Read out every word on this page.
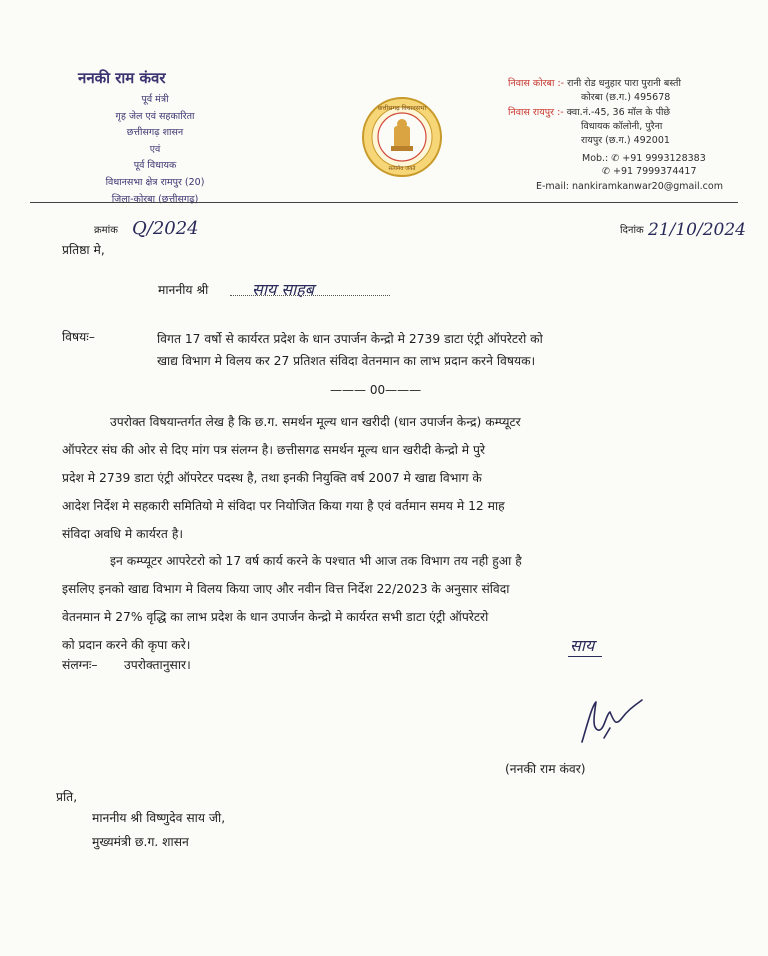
ननकी राम कंवर
पूर्व मंत्री
गृह जेल एवं सहकारिता
छत्तीसगढ़ शासन
एवं
पूर्व विधायक
विधानसभा क्षेत्र रामपुर (20)
जिला-कोरबा (छत्तीसगढ़)
छत्तीसगढ़ विधानसभा
सत्यमेव जयते
निवास कोरबा :- रानी रोड धनुहार पारा पुरानी बस्ती
कोरबा (छ.ग.) 495678
निवास रायपुर :- क्वा.नं.-45, 36 मॉल के पीछे
विधायक कॉलोनी, पुरैना
रायपुर (छ.ग.) 492001
Mob.: ✆ +91 9993128383
✆ +91 7999374417
E-mail: nankiramkanwar20@gmail.com
क्रमांक Q/2024	दिनांक 21/10/2024
प्रतिष्ठा मे,
माननीय श्री	साय साहब
विषयः–	विगत 17 वर्षो से कार्यरत प्रदेश के धान उपार्जन केन्द्रो मे 2739 डाटा एंट्री ऑपरेटरो को
खाद्य विभाग मे विलय कर 27 प्रतिशत संविदा वेतनमान का लाभ प्रदान करने विषयक।
——— 00———
उपरोक्त विषयान्तर्गत लेख है कि छ.ग. समर्थन मूल्य धान खरीदी (धान उपार्जन केन्द्र) कम्प्यूटर
ऑपरेटर संघ की ओर से दिए मांग पत्र संलग्न है। छत्तीसगढ समर्थन मूल्य धान खरीदी केन्द्रो मे पुरे
प्रदेश मे 2739 डाटा एंट्री ऑपरेटर पदस्थ है, तथा इनकी नियुक्ति वर्ष 2007 मे खाद्य विभाग के
आदेश निर्देश मे सहकारी समितियो मे संविदा पर नियोजित किया गया है एवं वर्तमान समय मे 12 माह
संविदा अवधि मे कार्यरत है।
इन कम्प्यूटर आपरेटरो को 17 वर्ष कार्य करने के पश्चात भी आज तक विभाग तय नही हुआ है
इसलिए इनको खाद्य विभाग मे विलय किया जाए और नवीन वित्त निर्देश 22/2023 के अनुसार संविदा
वेतनमान मे 27% वृद्धि का लाभ प्रदेश के धान उपार्जन केन्द्रो मे कार्यरत सभी डाटा एंट्री ऑपरेटरो
को प्रदान करने की कृपा करे।
संलग्नः– उपरोक्तानुसार।
साय
(ननकी राम कंवर)
प्रति,
माननीय श्री विष्णुदेव साय जी,
मुख्यमंत्री छ.ग. शासन
